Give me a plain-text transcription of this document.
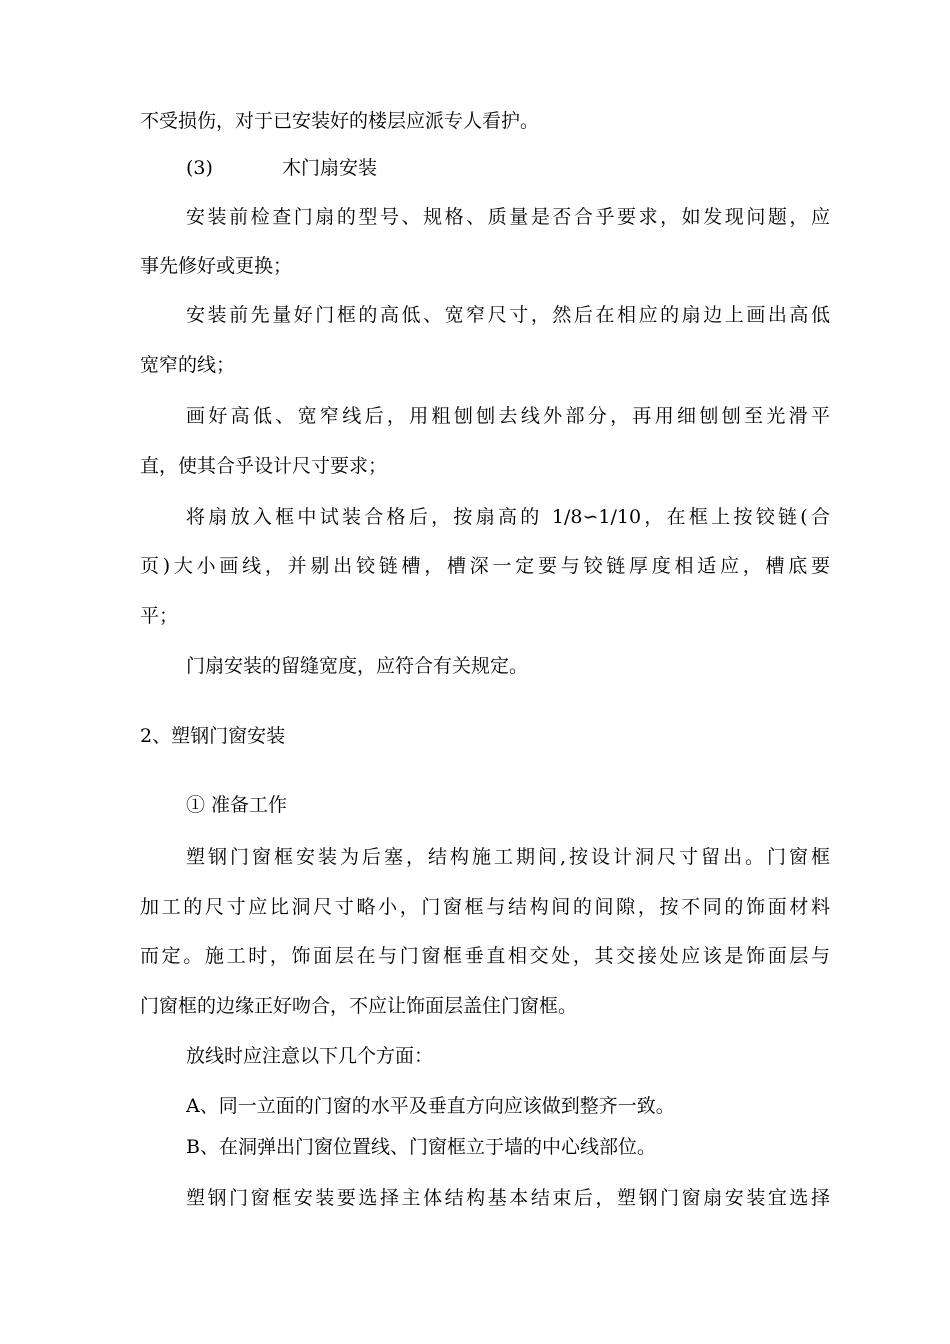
不受损伤，对于已安装好的楼层应派专人看护。
(3)	木门扇安装
安装前检查门扇的型号、规格、质量是否合乎要求，如发现问题，应
事先修好或更换；
安装前先量好门框的高低、宽窄尺寸，然后在相应的扇边上画出高低
宽窄的线；
画好高低、宽窄线后，用粗刨刨去线外部分，再用细刨刨至光滑平
直，使其合乎设计尺寸要求；
将扇放入框中试装合格后，按扇高的 1/8∽1/10，在框上按铰链(合
页)大小画线，并剔出铰链槽，槽深一定要与铰链厚度相适应，槽底要
平；
门扇安装的留缝宽度，应符合有关规定。
2、塑钢门窗安装
① 准备工作
塑钢门窗框安装为后塞，结构施工期间,按设计洞尺寸留出。门窗框
加工的尺寸应比洞尺寸略小，门窗框与结构间的间隙，按不同的饰面材料
而定。施工时，饰面层在与门窗框垂直相交处，其交接处应该是饰面层与
门窗框的边缘正好吻合，不应让饰面层盖住门窗框。
放线时应注意以下几个方面：
A、同一立面的门窗的水平及垂直方向应该做到整齐一致。
B、在洞弹出门窗位置线、门窗框立于墙的中心线部位。
塑钢门窗框安装要选择主体结构基本结束后，塑钢门窗扇安装宜选择
